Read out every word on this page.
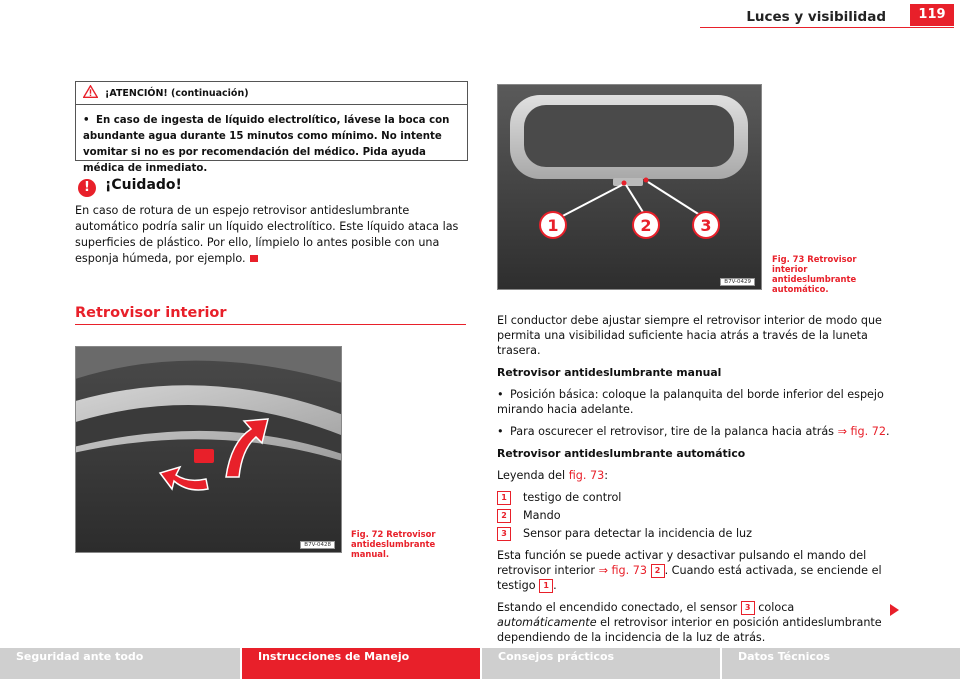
Luces y visibilidad	119
¡ATENCIÓN! (continuación)
• En caso de ingesta de líquido electrolítico, lávese la boca con abundante agua durante 15 minutos como mínimo. No intente vomitar si no es por recomendación del médico. Pida ayuda médica de inmediato.
! ¡Cuidado!
En caso de rotura de un espejo retrovisor antideslumbrante automático podría salir un líquido electrolítico. Este líquido ataca las superficies de plástico. Por ello, límpielo lo antes posible con una esponja húmeda, por ejemplo.
Retrovisor interior
B7V-0428
Fig. 72 Retrovisor antideslumbrante manual.
1	2	3
B7V-0429
Fig. 73 Retrovisor interior antideslumbrante automático.

El conductor debe ajustar siempre el retrovisor interior de modo que permita una visibilidad suficiente hacia atrás a través de la luneta trasera.

Retrovisor antideslumbrante manual

• Posición básica: coloque la palanquita del borde inferior del espejo mirando hacia adelante.

• Para oscurecer el retrovisor, tire de la palanca hacia atrás ⇒ fig. 72.

Retrovisor antideslumbrante automático

Leyenda del fig. 73:

1	testigo de control
2	Mando
3	Sensor para detectar la incidencia de luz

Esta función se puede activar y desactivar pulsando el mando del retrovisor interior ⇒ fig. 73 2 . Cuando está activada, se enciende el testigo 1 .

Estando el encendido conectado, el sensor 3 coloca automáticamente el retrovisor interior en posición antideslumbrante dependiendo de la incidencia de la luz de atrás.

Seguridad ante todo	Instrucciones de Manejo	Consejos prácticos	Datos Técnicos
